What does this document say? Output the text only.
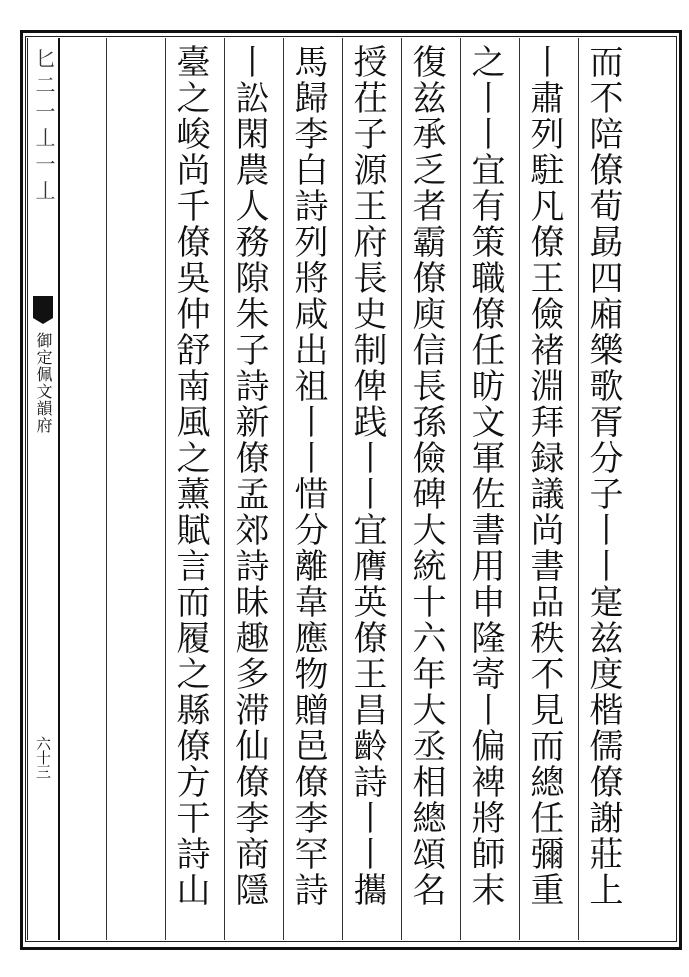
匕 二 一 丄 一 丄
御定佩文韻府
六十三
而不陪僚荀勗四廂樂歌胥分子丨丨寔兹度楷儒僚謝莊上
丨肅列駐凡僚王儉褚淵拜録議尚書品秩不見而總任彌重
之丨丨宜有策職僚任昉文軍佐書用申隆寄丨偏裨將師末
復兹承乏者霸僚庾信長孫儉碑大統十六年大丞相總頌名
授茌子源王府長史制俾践丨丨宜膺英僚王昌齡詩丨丨攜
馬歸李白詩列將咸出祖丨丨惜分離韋應物贈邑僚李罕詩
丨訟閑農人務隙朱子詩新僚孟郊詩昧趣多滞仙僚李商隱
臺之峻尚千僚吳仲舒南風之薰賦言而履之縣僚方干詩山
